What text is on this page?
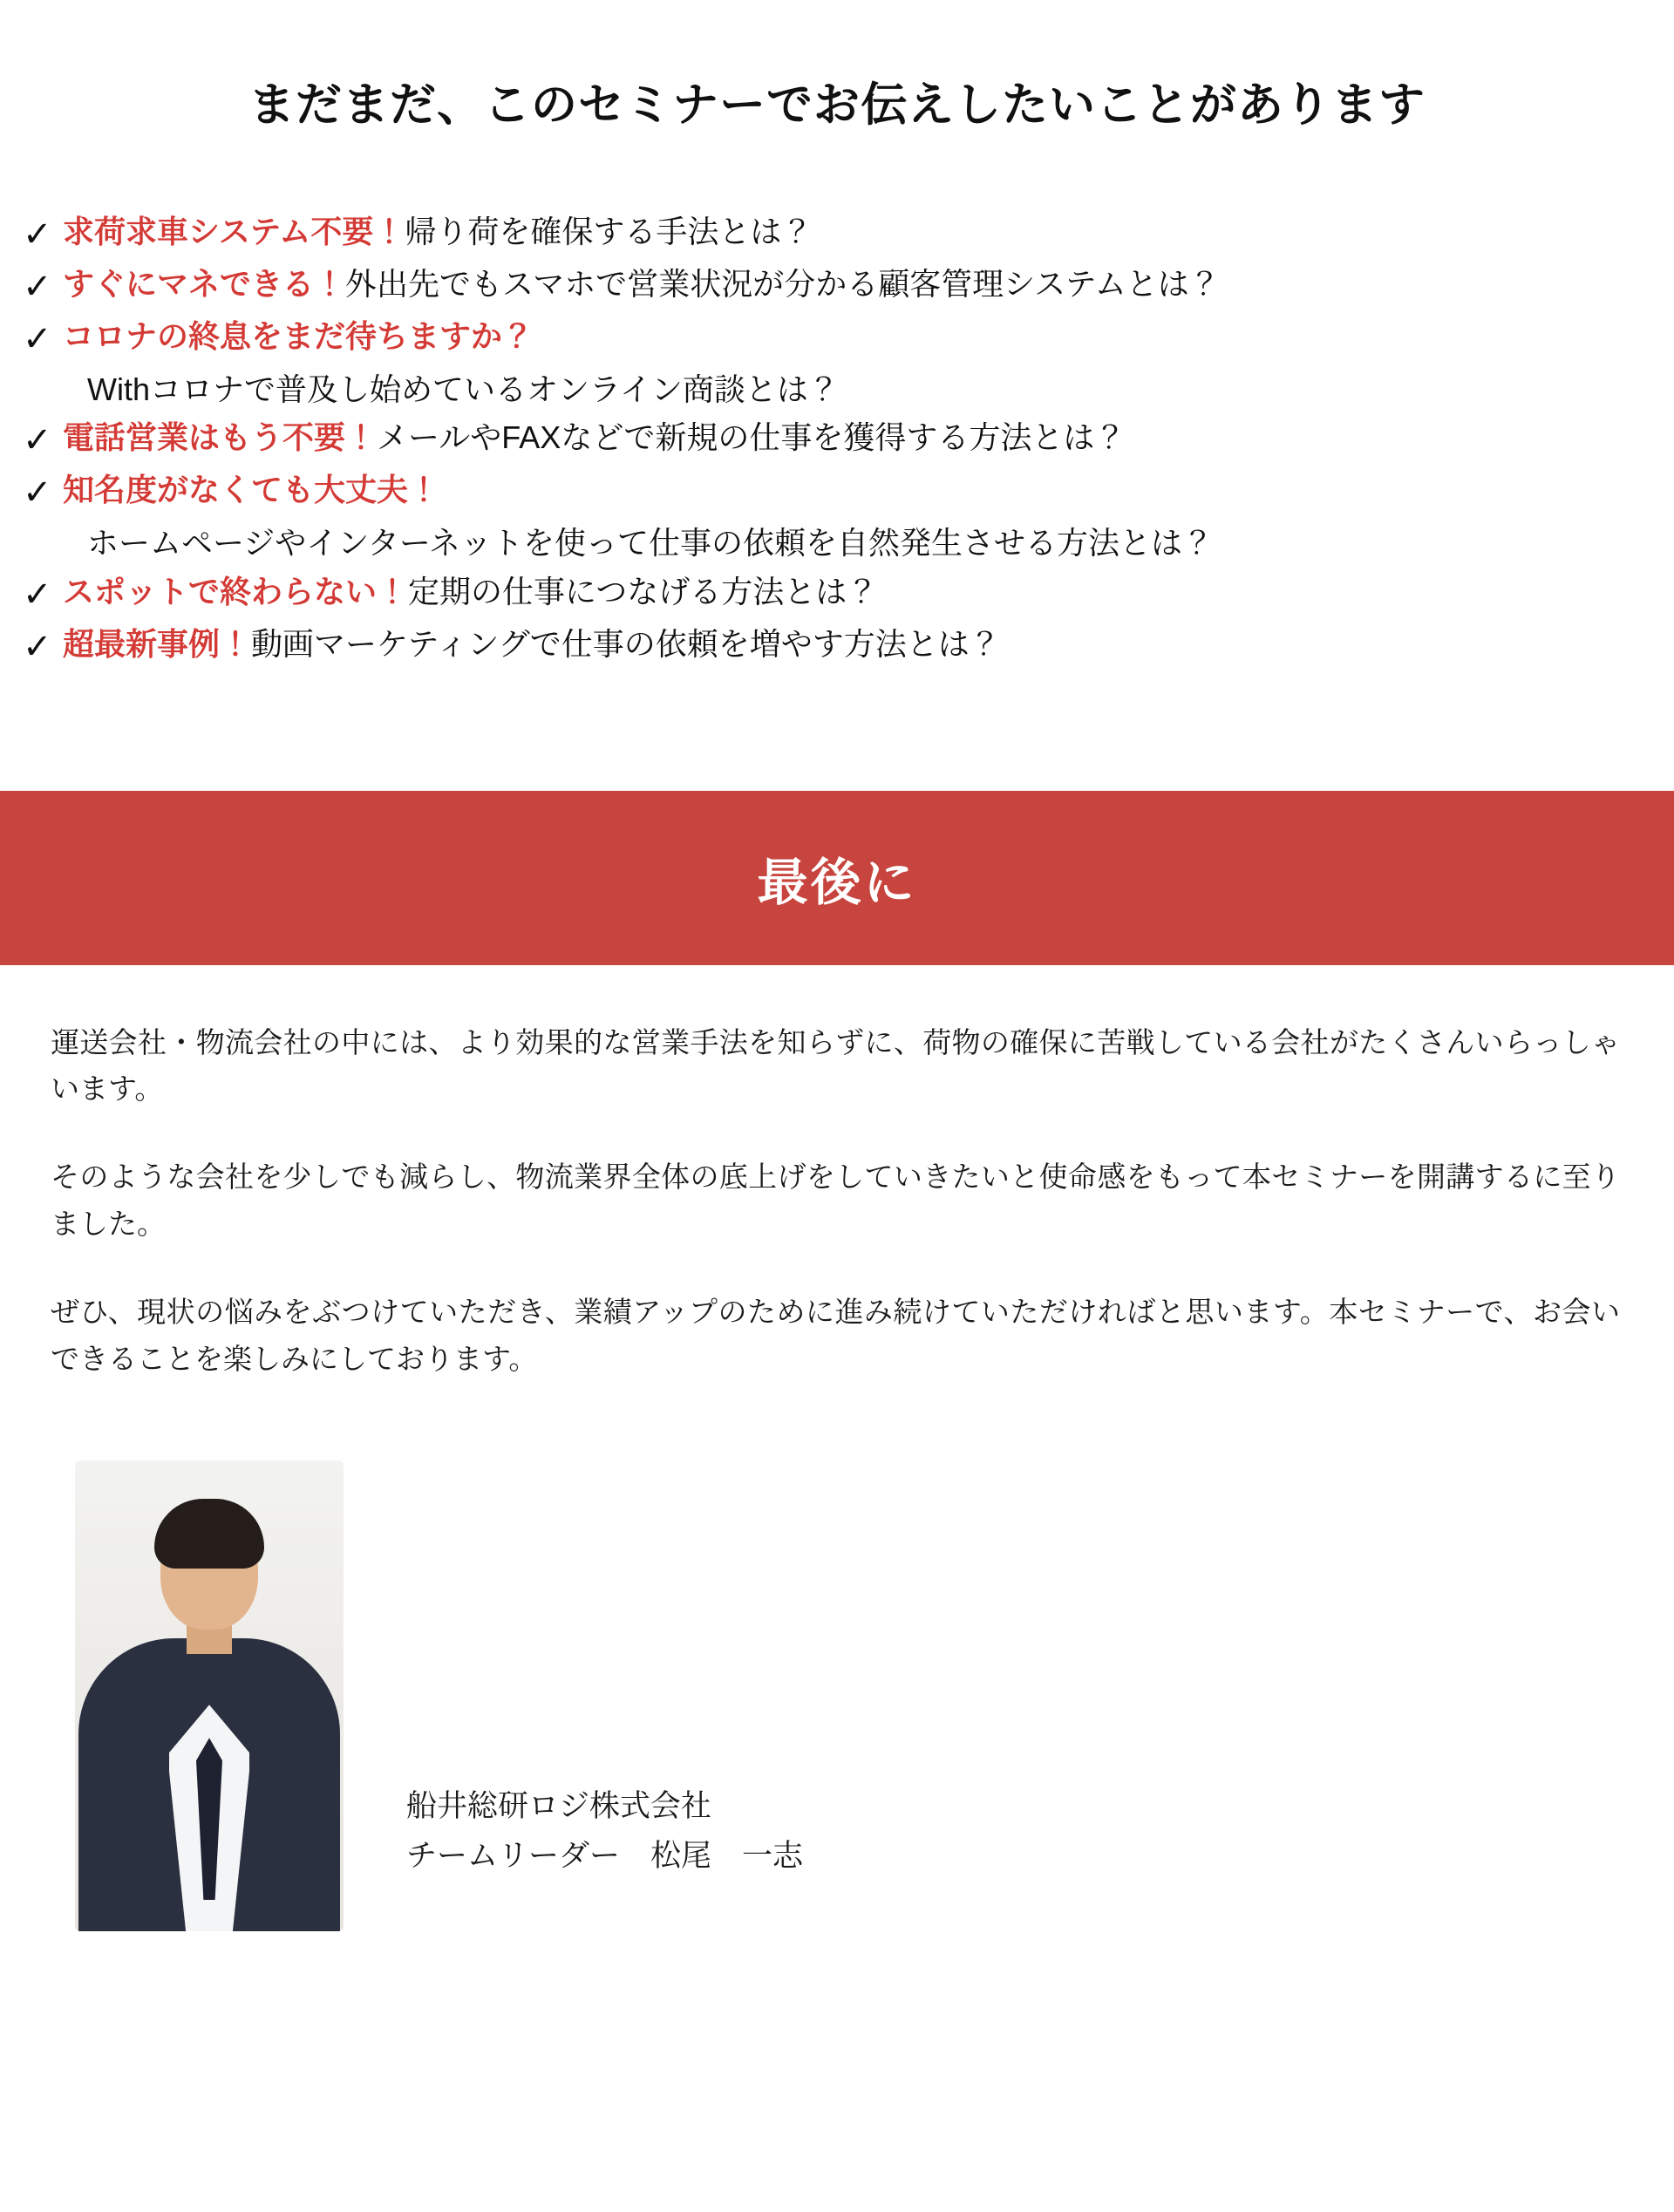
まだまだ、このセミナーでお伝えしたいことがあります
✓ 求荷求車システム不要！帰り荷を確保する手法とは？
✓ すぐにマネできる！外出先でもスマホで営業状況が分かる顧客管理システムとは？
✓ コロナの終息をまだ待ちますか？
Withコロナで普及し始めているオンライン商談とは？
✓ 電話営業はもう不要！メールやFAXなどで新規の仕事を獲得する方法とは？
✓ 知名度がなくても大丈夫！
ホームページやインターネットを使って仕事の依頼を自然発生させる方法とは？
✓ スポットで終わらない！定期の仕事につなげる方法とは？
✓ 超最新事例！動画マーケティングで仕事の依頼を増やす方法とは？
最後に

運送会社・物流会社の中には、より効果的な営業手法を知らずに、荷物の確保に苦戦している会社がたくさんいらっしゃいます。

そのような会社を少しでも減らし、物流業界全体の底上げをしていきたいと使命感をもって本セミナーを開講するに至りました。

ぜひ、現状の悩みをぶつけていただき、業績アップのために進み続けていただければと思います。本セミナーで、お会いできることを楽しみにしております。

船井総研ロジ株式会社
チームリーダー　松尾　一志
